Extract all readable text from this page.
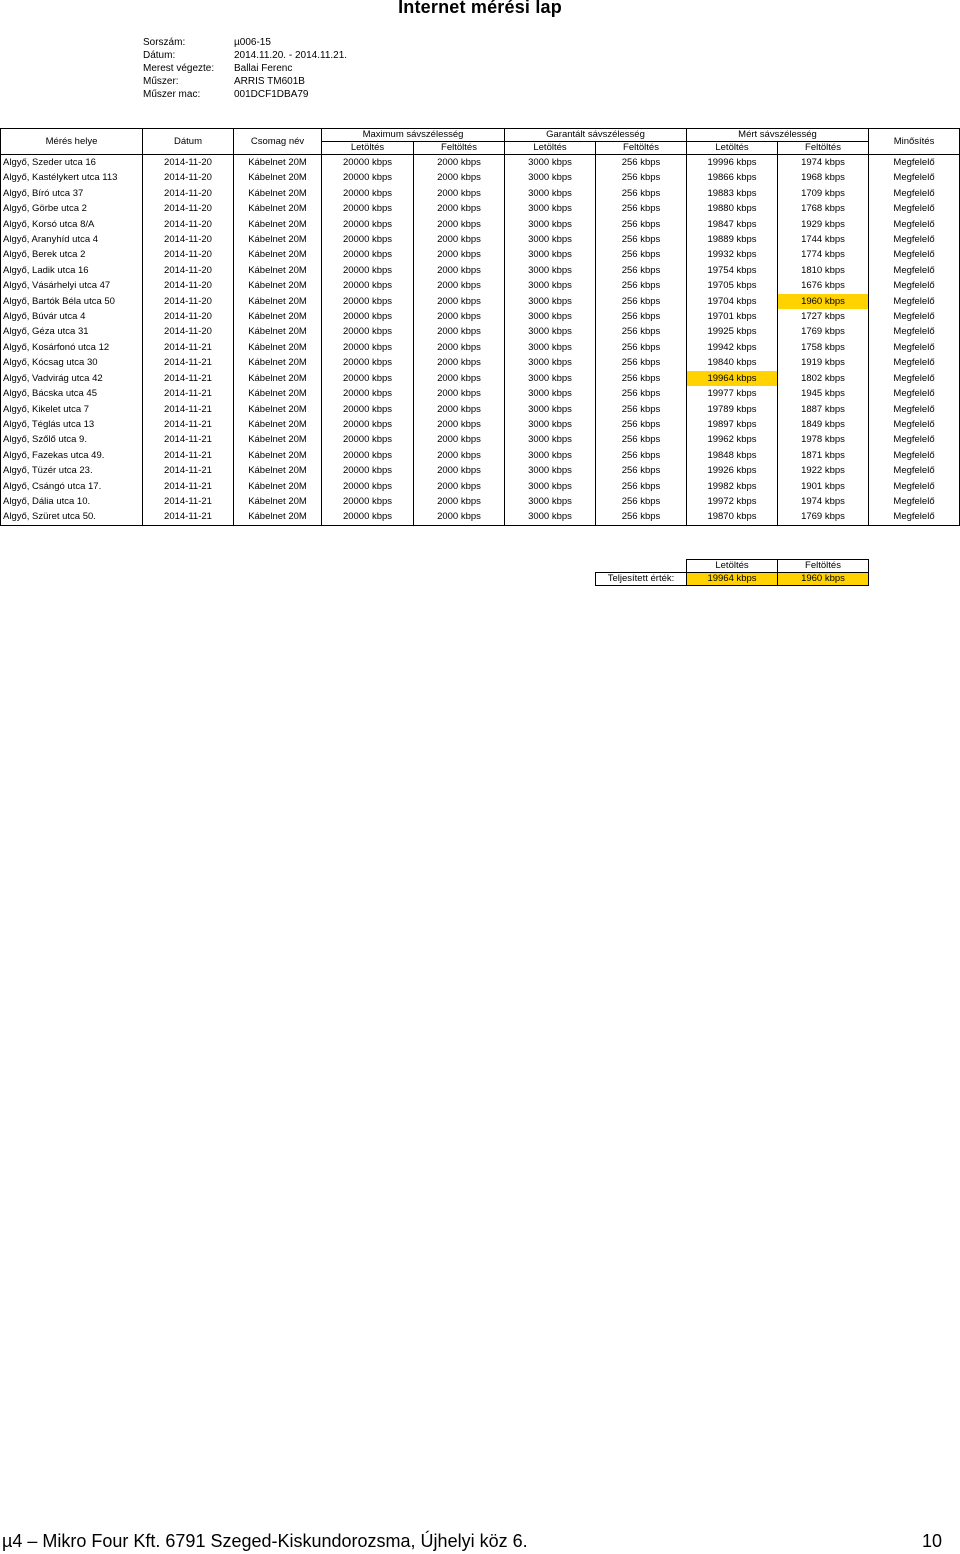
Internet mérési lap
Sorszám:	µ006-15
Dátum:	2014.11.20. - 2014.11.21.
Merest végezte: Ballai Ferenc
Műszer:	ARRIS TM601B
Műszer mac:	001DCF1DBA79
Mérés helye	Dátum	Csomag név	Maximum sávszélesség		Garantált sávszélesség		Mért sávszélesség		Minősítés
			Letöltés	Feltöltés	Letöltés	Feltöltés	Letöltés	Feltöltés	
Algyő, Szeder utca 16	2014-11-20	Kábelnet 20M	20000 kbps	2000 kbps	3000 kbps	256 kbps	19996 kbps	1974 kbps	Megfelelő
Algyő, Kastélykert utca 113	2014-11-20	Kábelnet 20M	20000 kbps	2000 kbps	3000 kbps	256 kbps	19866 kbps	1968 kbps	Megfelelő
Algyő, Bíró utca 37	2014-11-20	Kábelnet 20M	20000 kbps	2000 kbps	3000 kbps	256 kbps	19883 kbps	1709 kbps	Megfelelő
Algyő, Görbe utca 2	2014-11-20	Kábelnet 20M	20000 kbps	2000 kbps	3000 kbps	256 kbps	19880 kbps	1768 kbps	Megfelelő
Algyő, Korsó utca 8/A	2014-11-20	Kábelnet 20M	20000 kbps	2000 kbps	3000 kbps	256 kbps	19847 kbps	1929 kbps	Megfelelő
Algyő, Aranyhíd utca 4	2014-11-20	Kábelnet 20M	20000 kbps	2000 kbps	3000 kbps	256 kbps	19889 kbps	1744 kbps	Megfelelő
Algyő, Berek utca 2	2014-11-20	Kábelnet 20M	20000 kbps	2000 kbps	3000 kbps	256 kbps	19932 kbps	1774 kbps	Megfelelő
Algyő, Ladik utca 16	2014-11-20	Kábelnet 20M	20000 kbps	2000 kbps	3000 kbps	256 kbps	19754 kbps	1810 kbps	Megfelelő
Algyő, Vásárhelyi utca 47	2014-11-20	Kábelnet 20M	20000 kbps	2000 kbps	3000 kbps	256 kbps	19705 kbps	1676 kbps	Megfelelő
Algyő, Bartók Béla utca 50	2014-11-20	Kábelnet 20M	20000 kbps	2000 kbps	3000 kbps	256 kbps	19704 kbps	1960 kbps	Megfelelő
Algyő, Búvár utca 4	2014-11-20	Kábelnet 20M	20000 kbps	2000 kbps	3000 kbps	256 kbps	19701 kbps	1727 kbps	Megfelelő
Algyő, Géza utca 31	2014-11-20	Kábelnet 20M	20000 kbps	2000 kbps	3000 kbps	256 kbps	19925 kbps	1769 kbps	Megfelelő
Algyő, Kosárfonó utca 12	2014-11-21	Kábelnet 20M	20000 kbps	2000 kbps	3000 kbps	256 kbps	19942 kbps	1758 kbps	Megfelelő
Algyő, Kócsag utca 30	2014-11-21	Kábelnet 20M	20000 kbps	2000 kbps	3000 kbps	256 kbps	19840 kbps	1919 kbps	Megfelelő
Algyő, Vadvirág utca 42	2014-11-21	Kábelnet 20M	20000 kbps	2000 kbps	3000 kbps	256 kbps	19964 kbps	1802 kbps	Megfelelő
Algyő, Bácska utca 45	2014-11-21	Kábelnet 20M	20000 kbps	2000 kbps	3000 kbps	256 kbps	19977 kbps	1945 kbps	Megfelelő
Algyő, Kikelet utca 7	2014-11-21	Kábelnet 20M	20000 kbps	2000 kbps	3000 kbps	256 kbps	19789 kbps	1887 kbps	Megfelelő
Algyő, Téglás utca 13	2014-11-21	Kábelnet 20M	20000 kbps	2000 kbps	3000 kbps	256 kbps	19897 kbps	1849 kbps	Megfelelő
Algyő, Szőlő utca 9.	2014-11-21	Kábelnet 20M	20000 kbps	2000 kbps	3000 kbps	256 kbps	19962 kbps	1978 kbps	Megfelelő
Algyő, Fazekas utca 49.	2014-11-21	Kábelnet 20M	20000 kbps	2000 kbps	3000 kbps	256 kbps	19848 kbps	1871 kbps	Megfelelő
Algyő, Tüzér utca 23.	2014-11-21	Kábelnet 20M	20000 kbps	2000 kbps	3000 kbps	256 kbps	19926 kbps	1922 kbps	Megfelelő
Algyő, Csángó utca 17.	2014-11-21	Kábelnet 20M	20000 kbps	2000 kbps	3000 kbps	256 kbps	19982 kbps	1901 kbps	Megfelelő
Algyő, Dália utca 10.	2014-11-21	Kábelnet 20M	20000 kbps	2000 kbps	3000 kbps	256 kbps	19972 kbps	1974 kbps	Megfelelő
Algyő, Szüret utca 50.	2014-11-21	Kábelnet 20M	20000 kbps	2000 kbps	3000 kbps	256 kbps	19870 kbps	1769 kbps	Megfelelő
	Letöltés	Feltöltés
Teljesített érték:	19964 kbps	1960 kbps
µ4 – Mikro Four Kft. 6791 Szeged-Kiskundorozsma, Újhelyi köz 6.	10
